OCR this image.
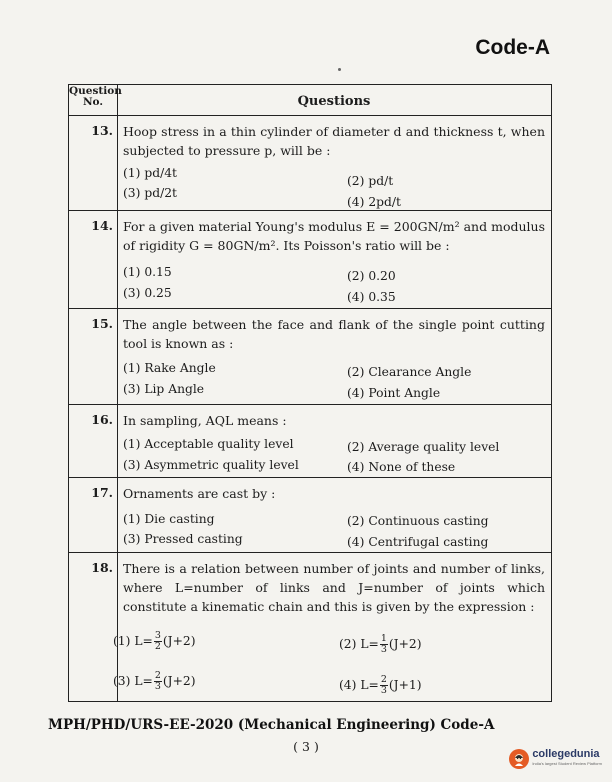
Code-A
Question
No.	Questions
13. Hoop stress in a thin cylinder of diameter d and thickness t, when subjected to pressure p, will be :
(1) pd/4t
(2) pd/t
(3) pd/2t
(4) 2pd/t
14. For a given material Young's modulus E = 200GN/m² and modulus of rigidity G = 80GN/m². Its Poisson's ratio will be :
(1) 0.15	(2) 0.20
(3) 0.25	(4) 0.35
15. The angle between the face and flank of the single point cutting tool is known as :
(1) Rake Angle	(2) Clearance Angle
(3) Lip Angle	(4) Point Angle
16. In sampling, AQL means :
(1) Acceptable quality level	(2) Average quality level
(3) Asymmetric quality level	(4) None of these
17. Ornaments are cast by :
(1) Die casting	(2) Continuous casting
(3) Pressed casting	(4) Centrifugal casting
18. There is a relation between number of joints and number of links, where L=number of links and J=number of joints which constitute a kinematic chain and this is given by the expression :
(1) $L= \frac{3}{2} (J+2)$	(2) $L= \frac{1}{3} (J+2)$
(3) $L= \frac{2}{3} (J+2)$	(4) $L= \frac{2}{3} (J+1)$
MPH/PHD/URS-EE-2020 (Mechanical Engineering) Code-A
( 3 )	collegedunia
India's largest Student Review Platform
